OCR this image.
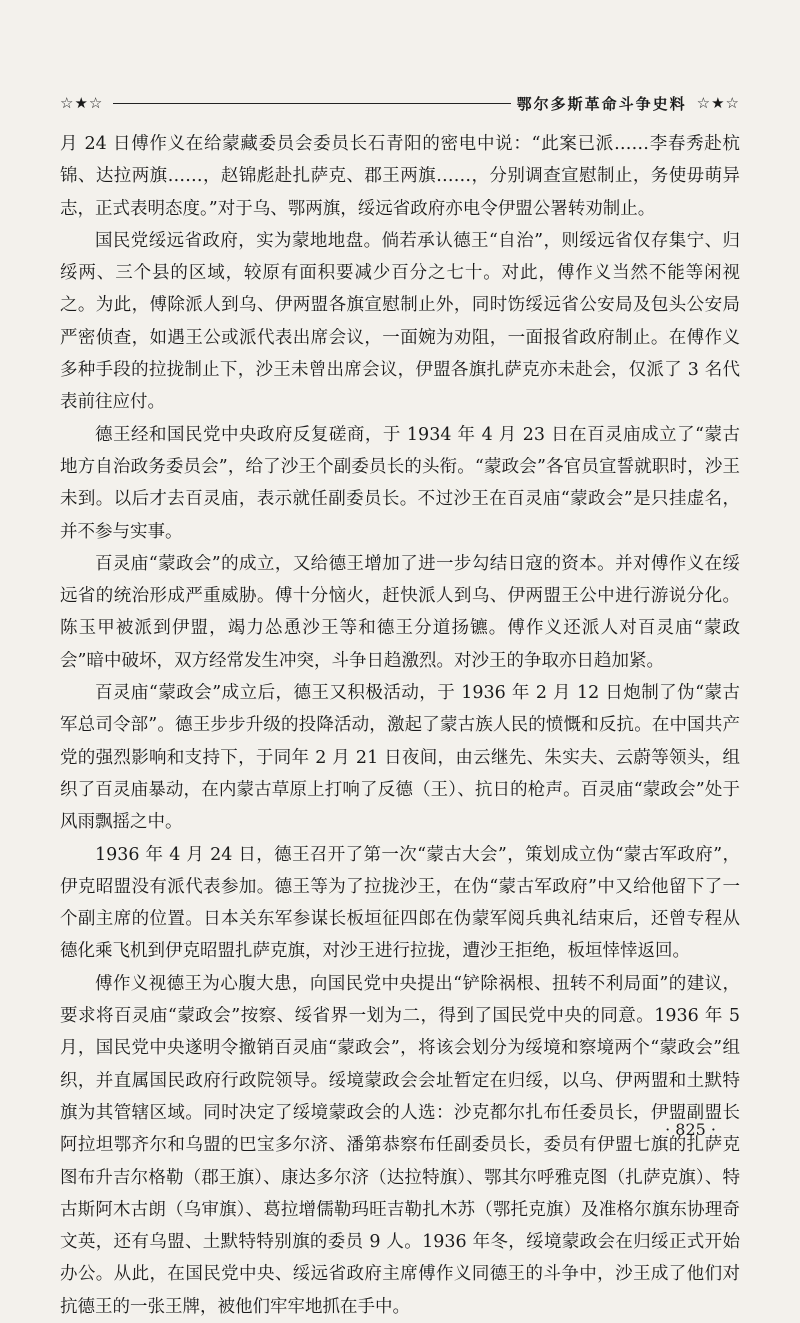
☆★☆	鄂尔多斯革命斗争史料 ☆★☆

月 24 日傅作义在给蒙藏委员会委员长石青阳的密电中说：“此案已派……李春秀赴杭锦、达拉两旗……，赵锦彪赴扎萨克、郡王两旗……，分别调查宣慰制止，务使毋萌异志，正式表明态度。”对于乌、鄂两旗，绥远省政府亦电令伊盟公署转劝制止。

国民党绥远省政府，实为蒙地地盘。倘若承认德王“自治”，则绥远省仅存集宁、归绥两、三个县的区域，较原有面积要减少百分之七十。对此，傅作义当然不能等闲视之。为此，傅除派人到乌、伊两盟各旗宣慰制止外，同时饬绥远省公安局及包头公安局严密侦查，如遇王公或派代表出席会议，一面婉为劝阻，一面报省政府制止。在傅作义多种手段的拉拢制止下，沙王未曾出席会议，伊盟各旗扎萨克亦未赴会，仅派了 3 名代表前往应付。

德王经和国民党中央政府反复磋商，于 1934 年 4 月 23 日在百灵庙成立了“蒙古地方自治政务委员会”，给了沙王个副委员长的头衔。“蒙政会”各官员宣誓就职时，沙王未到。以后才去百灵庙，表示就任副委员长。不过沙王在百灵庙“蒙政会”是只挂虚名，并不参与实事。

百灵庙“蒙政会”的成立，又给德王增加了进一步勾结日寇的资本。并对傅作义在绥远省的统治形成严重威胁。傅十分恼火，赶快派人到乌、伊两盟王公中进行游说分化。陈玉甲被派到伊盟，竭力怂恿沙王等和德王分道扬镳。傅作义还派人对百灵庙“蒙政会”暗中破坏，双方经常发生冲突，斗争日趋激烈。对沙王的争取亦日趋加紧。

百灵庙“蒙政会”成立后，德王又积极活动，于 1936 年 2 月 12 日炮制了伪“蒙古军总司令部”。德王步步升级的投降活动，激起了蒙古族人民的愤慨和反抗。在中国共产党的强烈影响和支持下，于同年 2 月 21 日夜间，由云继先、朱实夫、云蔚等领头，组织了百灵庙暴动，在内蒙古草原上打响了反德（王）、抗日的枪声。百灵庙“蒙政会”处于风雨飘摇之中。

1936 年 4 月 24 日，德王召开了第一次“蒙古大会”，策划成立伪“蒙古军政府”，伊克昭盟没有派代表参加。德王等为了拉拢沙王，在伪“蒙古军政府”中又给他留下了一个副主席的位置。日本关东军参谋长板垣征四郎在伪蒙军阅兵典礼结束后，还曾专程从德化乘飞机到伊克昭盟扎萨克旗，对沙王进行拉拢，遭沙王拒绝，板垣悻悻返回。

傅作义视德王为心腹大患，向国民党中央提出“铲除祸根、扭转不利局面”的建议，要求将百灵庙“蒙政会”按察、绥省界一划为二，得到了国民党中央的同意。1936 年 5 月，国民党中央遂明令撤销百灵庙“蒙政会”，将该会划分为绥境和察境两个“蒙政会”组织，并直属国民政府行政院领导。绥境蒙政会会址暂定在归绥，以乌、伊两盟和土默特旗为其管辖区域。同时决定了绥境蒙政会的人选：沙克都尔扎布任委员长，伊盟副盟长阿拉坦鄂齐尔和乌盟的巴宝多尔济、潘第恭察布任副委员长，委员有伊盟七旗的扎萨克图布升吉尔格勒（郡王旗）、康达多尔济（达拉特旗）、鄂其尔呼雅克图（扎萨克旗）、特古斯阿木古朗（乌审旗）、葛拉增儒勒玛旺吉勒扎木苏（鄂托克旗）及准格尔旗东协理奇文英，还有乌盟、土默特特别旗的委员 9 人。1936 年冬，绥境蒙政会在归绥正式开始办公。从此，在国民党中央、绥远省政府主席傅作义同德王的斗争中，沙王成了他们对抗德王的一张王牌，被他们牢牢地抓在手中。

· 825 ·
